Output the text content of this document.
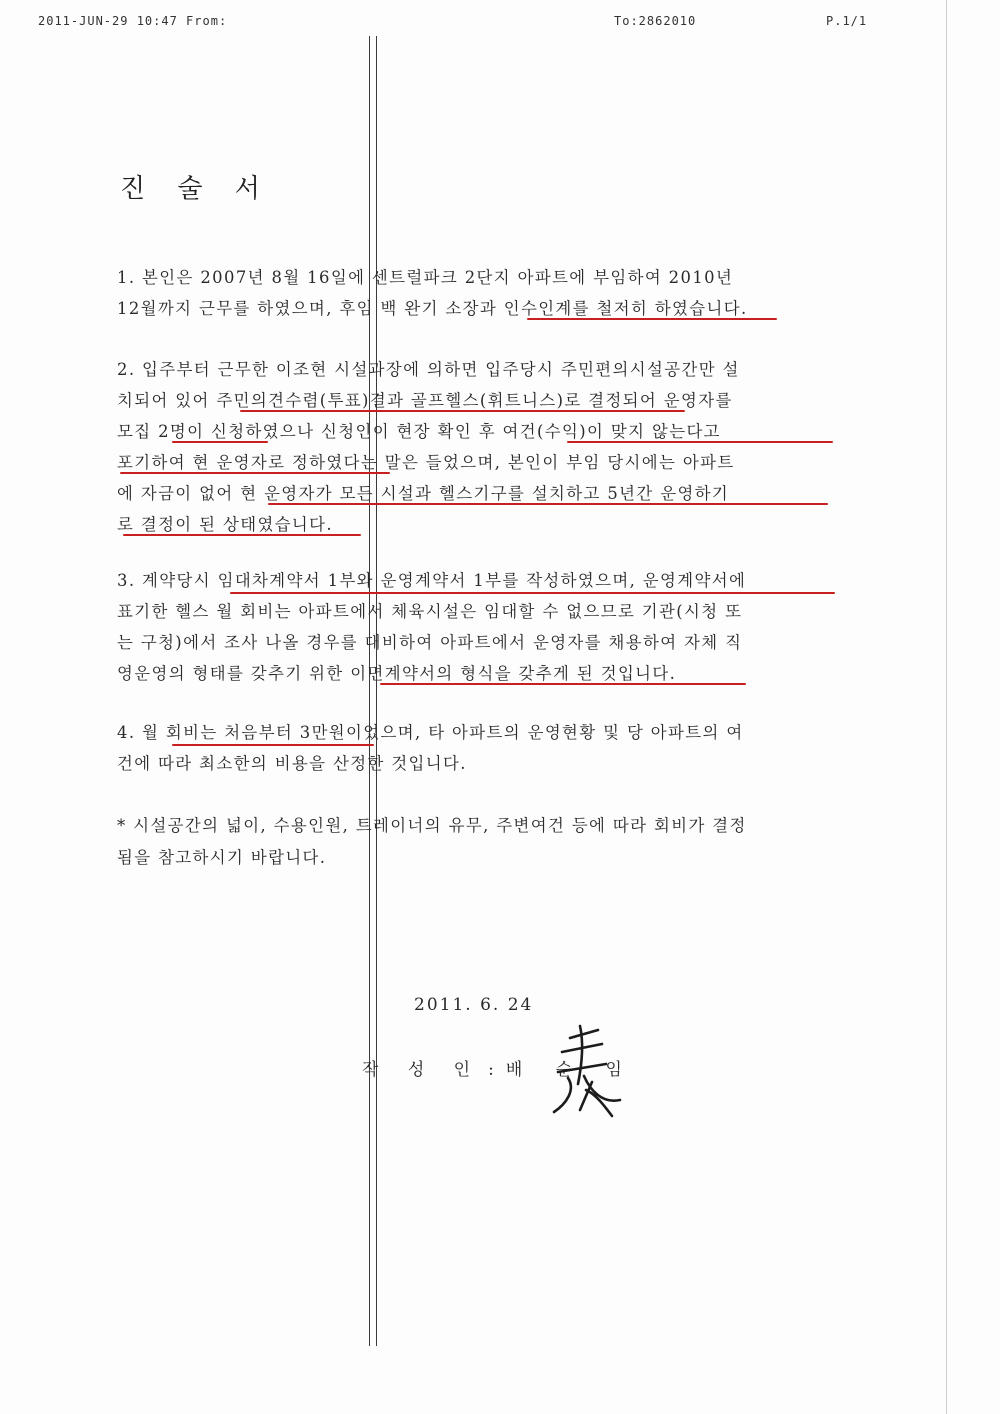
2011-JUN-29 10:47 From:	To:2862010	P.1/1
진 술 서
1. 본인은 2007년 8월 16일에 센트럴파크 2단지 아파트에 부임하여 2010년
12월까지 근무를 하였으며, 후임 백 완기 소장과 인수인계를 철저히 하였습니다.
2. 입주부터 근무한 이조현 시설과장에 의하면 입주당시 주민편의시설공간만 설
치되어 있어 주민의견수렴(투표)결과 골프헬스(휘트니스)로 결정되어 운영자를
모집 2명이 신청하였으나 신청인이 현장 확인 후 여건(수익)이 맞지 않는다고
포기하여 현 운영자로 정하였다는 말은 들었으며, 본인이 부임 당시에는 아파트
에 자금이 없어 현 운영자가 모든 시설과 헬스기구를 설치하고 5년간 운영하기
로 결정이 된 상태였습니다.
3. 계약당시 임대차계약서 1부와 운영계약서 1부를 작성하였으며, 운영계약서에
표기한 헬스 월 회비는 아파트에서 체육시설은 임대할 수 없으므로 기관(시청 또
는 구청)에서 조사 나올 경우를 대비하여 아파트에서 운영자를 채용하여 자체 직
영운영의 형태를 갖추기 위한 이면계약서의 형식을 갖추게 된 것입니다.
4. 월 회비는 처음부터 3만원이었으며, 타 아파트의 운영현황 및 당 아파트의 여
건에 따라 최소한의 비용을 산정한 것입니다.
* 시설공간의 넓이, 수용인원, 트레이너의 유무, 주변여건 등에 따라 회비가 결정
됨을 참고하시기 바랍니다.
2011. 6. 24
작 성 인 : 배 순 임
